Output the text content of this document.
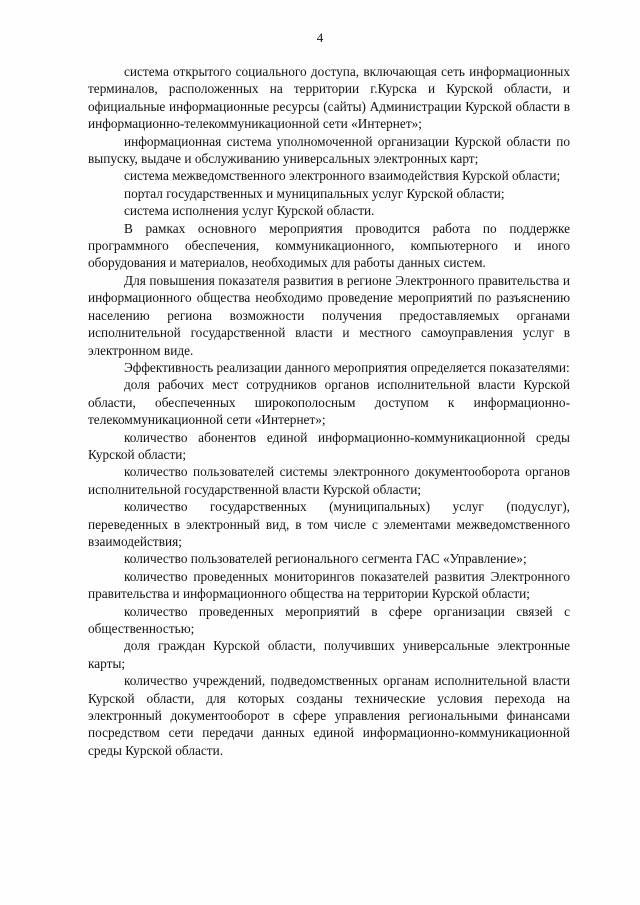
4

система открытого социального доступа, включающая сеть информационных терминалов, расположенных на территории г.Курска и Курской области, и официальные информационные ресурсы (сайты) Администрации Курской области в информационно-телекоммуникационной сети «Интернет»;

информационная система уполномоченной организации Курской области по выпуску, выдаче и обслуживанию универсальных электронных карт;

система межведомственного электронного взаимодействия Курской области;

портал государственных и муниципальных услуг Курской области;

система исполнения услуг Курской области.

В рамках основного мероприятия проводится работа по поддержке программного обеспечения, коммуникационного, компьютерного и иного оборудования и материалов, необходимых для работы данных систем.

Для повышения показателя развития в регионе Электронного правительства и информационного общества необходимо проведение мероприятий по разъяснению населению региона возможности получения предоставляемых органами исполнительной государственной власти и местного самоуправления услуг в электронном виде.

Эффективность реализации данного мероприятия определяется показателями:

доля рабочих мест сотрудников органов исполнительной власти Курской области, обеспеченных широкополосным доступом к информационно-телекоммуникационной сети «Интернет»;

количество абонентов единой информационно-коммуникационной среды Курской области;

количество пользователей системы электронного документооборота органов исполнительной государственной власти Курской области;

количество государственных (муниципальных) услуг (подуслуг), переведенных в электронный вид, в том числе с элементами межведомственного взаимодействия;

количество пользователей регионального сегмента ГАС «Управление»;

количество проведенных мониторингов показателей развития Электронного правительства и информационного общества на территории Курской области;

количество проведенных мероприятий в сфере организации связей с общественностью;

доля граждан Курской области, получивших универсальные электронные карты;

количество учреждений, подведомственных органам исполнительной власти Курской области, для которых созданы технические условия перехода на электронный документооборот в сфере управления региональными финансами посредством сети передачи данных единой информационно-коммуникационной среды Курской области.
